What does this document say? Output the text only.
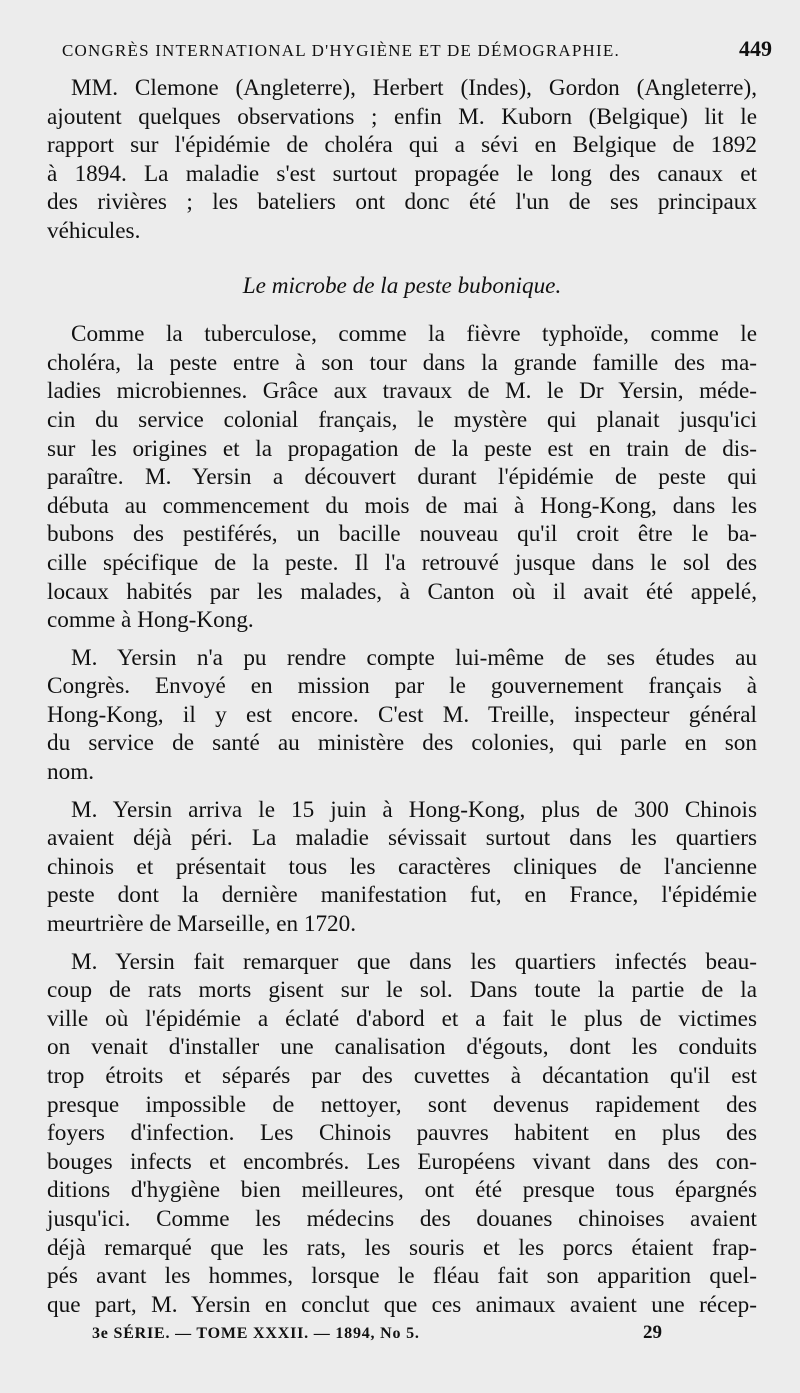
CONGRÈS INTERNATIONAL D'HYGIÈNE ET DE DÉMOGRAPHIE.	449
MM. Clemone (Angleterre), Herbert (Indes), Gordon (Angleterre),
ajoutent quelques observations ; enfin M. Kuborn (Belgique) lit le
rapport sur l'épidémie de choléra qui a sévi en Belgique de 1892
à 1894. La maladie s'est surtout propagée le long des canaux et
des rivières ; les bateliers ont donc été l'un de ses principaux
véhicules.
Le microbe de la peste bubonique.
Comme la tuberculose, comme la fièvre typhoïde, comme le
choléra, la peste entre à son tour dans la grande famille des ma-
ladies microbiennes. Grâce aux travaux de M. le Dr Yersin, méde-
cin du service colonial français, le mystère qui planait jusqu'ici
sur les origines et la propagation de la peste est en train de dis-
paraître. M. Yersin a découvert durant l'épidémie de peste qui
débuta au commencement du mois de mai à Hong-Kong, dans les
bubons des pestiférés, un bacille nouveau qu'il croit être le ba-
cille spécifique de la peste. Il l'a retrouvé jusque dans le sol des
locaux habités par les malades, à Canton où il avait été appelé,
comme à Hong-Kong.
M. Yersin n'a pu rendre compte lui-même de ses études au
Congrès. Envoyé en mission par le gouvernement français à
Hong-Kong, il y est encore. C'est M. Treille, inspecteur général
du service de santé au ministère des colonies, qui parle en son
nom.
M. Yersin arriva le 15 juin à Hong-Kong, plus de 300 Chinois
avaient déjà péri. La maladie sévissait surtout dans les quartiers
chinois et présentait tous les caractères cliniques de l'ancienne
peste dont la dernière manifestation fut, en France, l'épidémie
meurtrière de Marseille, en 1720.
M. Yersin fait remarquer que dans les quartiers infectés beau-
coup de rats morts gisent sur le sol. Dans toute la partie de la
ville où l'épidémie a éclaté d'abord et a fait le plus de victimes
on venait d'installer une canalisation d'égouts, dont les conduits
trop étroits et séparés par des cuvettes à décantation qu'il est
presque impossible de nettoyer, sont devenus rapidement des
foyers d'infection. Les Chinois pauvres habitent en plus des
bouges infects et encombrés. Les Européens vivant dans des con-
ditions d'hygiène bien meilleures, ont été presque tous épargnés
jusqu'ici. Comme les médecins des douanes chinoises avaient
déjà remarqué que les rats, les souris et les porcs étaient frap-
pés avant les hommes, lorsque le fléau fait son apparition quel-
que part, M. Yersin en conclut que ces animaux avaient une récep-
3e SÉRIE. — TOME XXXII. — 1894, No 5.	29
